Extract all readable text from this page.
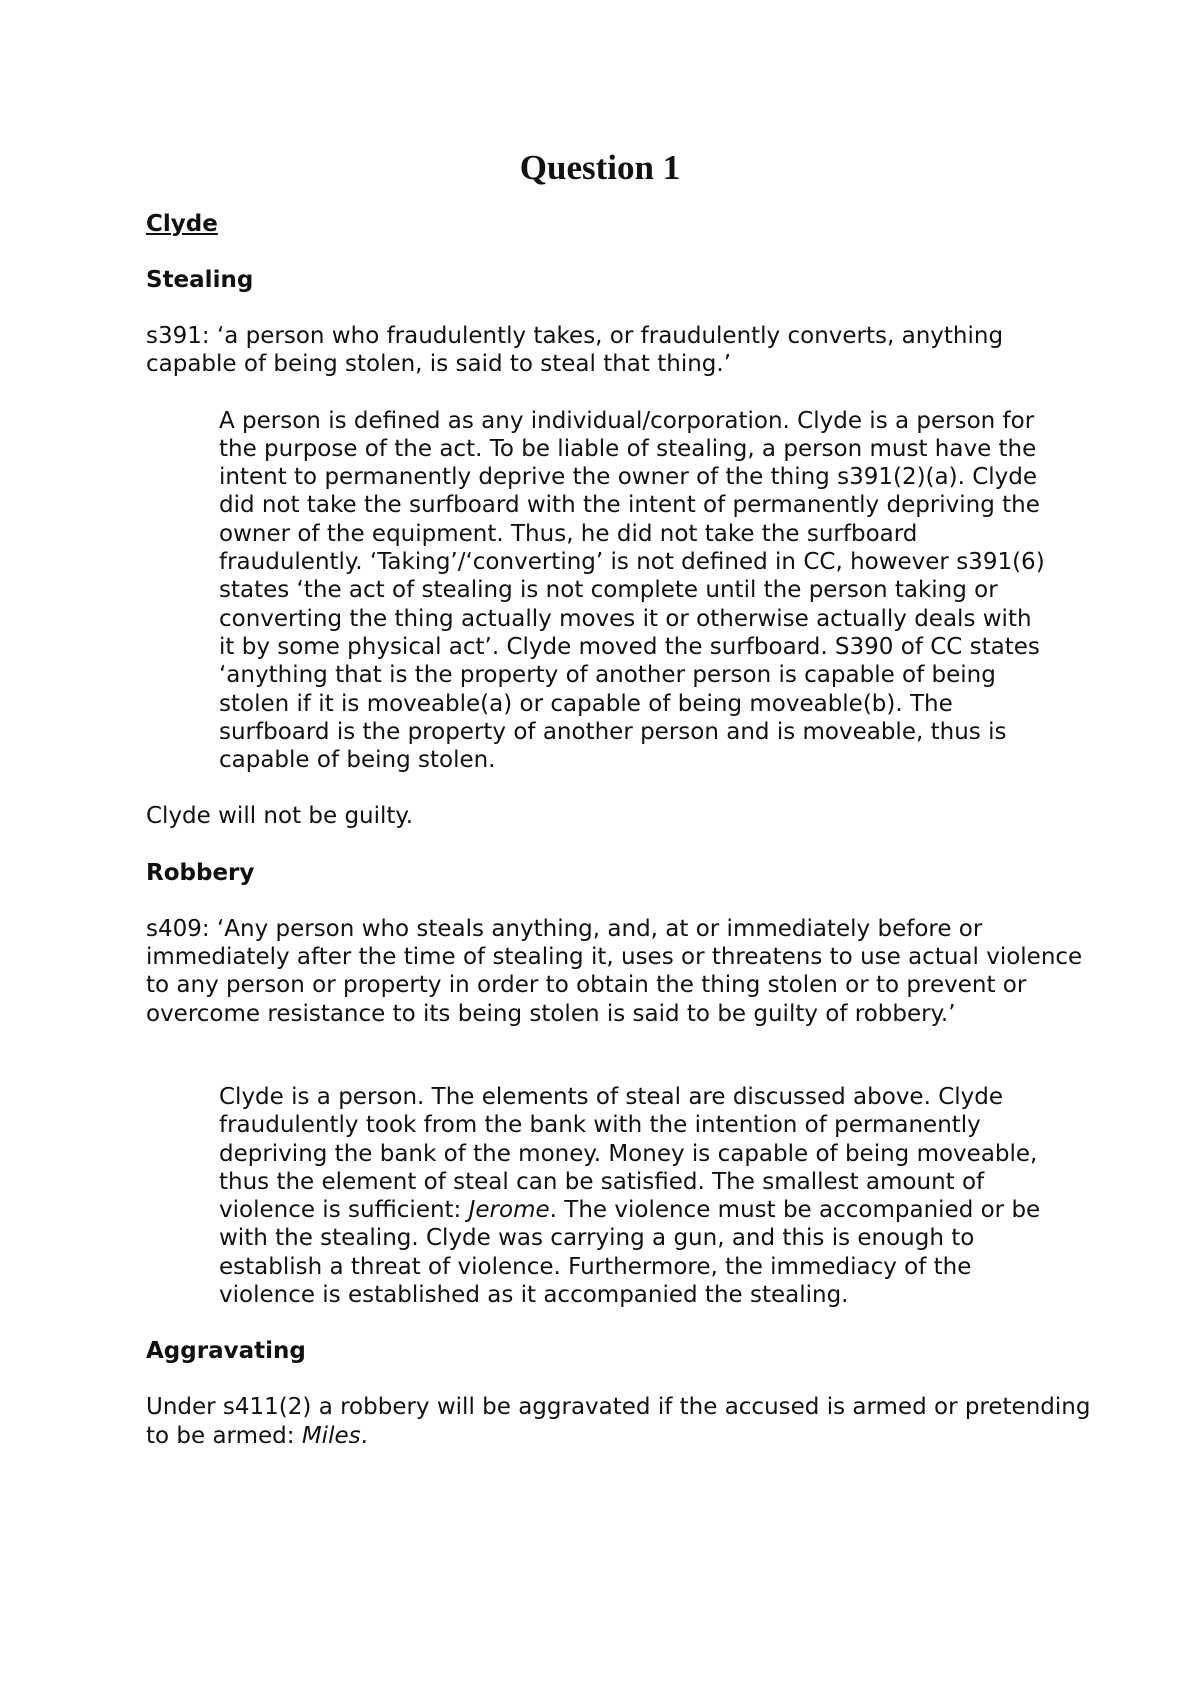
Question 1

Clyde

Stealing

s391: ‘a person who fraudulently takes, or fraudulently converts, anything capable of being stolen, is said to steal that thing.’

A person is defined as any individual/corporation. Clyde is a person for the purpose of the act. To be liable of stealing, a person must have the intent to permanently deprive the owner of the thing s391(2)(a). Clyde did not take the surfboard with the intent of permanently depriving the owner of the equipment. Thus, he did not take the surfboard fraudulently. ‘Taking’/‘converting’ is not defined in CC, however s391(6) states ‘the act of stealing is not complete until the person taking or converting the thing actually moves it or otherwise actually deals with it by some physical act’. Clyde moved the surfboard. S390 of CC states ‘anything that is the property of another person is capable of being stolen if it is moveable(a) or capable of being moveable(b). The surfboard is the property of another person and is moveable, thus is capable of being stolen.

Clyde will not be guilty.

Robbery

s409: ‘Any person who steals anything, and, at or immediately before or immediately after the time of stealing it, uses or threatens to use actual violence to any person or property in order to obtain the thing stolen or to prevent or overcome resistance to its being stolen is said to be guilty of robbery.’

Clyde is a person. The elements of steal are discussed above. Clyde fraudulently took from the bank with the intention of permanently depriving the bank of the money. Money is capable of being moveable, thus the element of steal can be satisfied. The smallest amount of violence is sufficient: Jerome. The violence must be accompanied or be with the stealing. Clyde was carrying a gun, and this is enough to establish a threat of violence. Furthermore, the immediacy of the violence is established as it accompanied the stealing.

Aggravating

Under s411(2) a robbery will be aggravated if the accused is armed or pretending to be armed: Miles.
